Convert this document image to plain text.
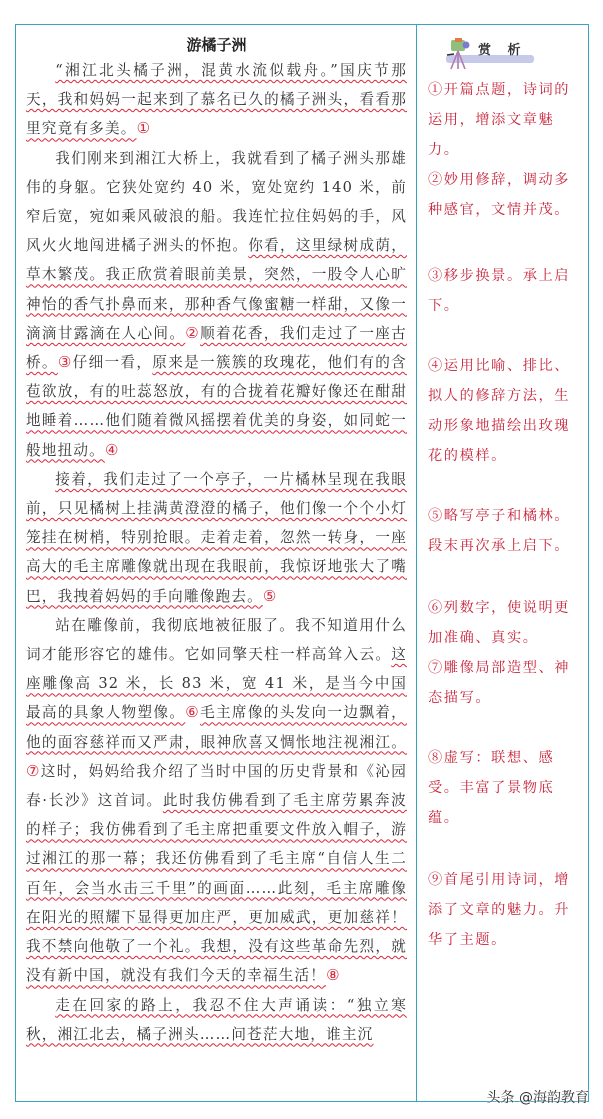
游橘子洲

“湘江北头橘子洲，混黄水流似载舟。”国庆节那天，我和妈妈一起来到了慕名已久的橘子洲头，看看那里究竟有多美。①

我们刚来到湘江大桥上，我就看到了橘子洲头那雄伟的身躯。它狭处宽约 40 米，宽处宽约 140 米，前窄后宽，宛如乘风破浪的船。我连忙拉住妈妈的手，风风火火地闯进橘子洲头的怀抱。你看，这里绿树成荫，草木繁茂。我正欣赏着眼前美景，突然，一股令人心旷神怡的香气扑鼻而来，那种香气像蜜糖一样甜，又像一滴滴甘露滴在人心间。②顺着花香，我们走过了一座古桥。③仔细一看，原来是一簇簇的玫瑰花，他们有的含苞欲放，有的吐蕊怒放，有的合拢着花瓣好像还在酣甜地睡着……他们随着微风摇摆着优美的身姿，如同蛇一般地扭动。④

接着，我们走过了一个亭子，一片橘林呈现在我眼前，只见橘树上挂满黄澄澄的橘子，他们像一个个小灯笼挂在树梢，特别抢眼。走着走着，忽然一转身，一座高大的毛主席雕像就出现在我眼前，我惊讶地张大了嘴巴，我拽着妈妈的手向雕像跑去。⑤

站在雕像前，我彻底地被征服了。我不知道用什么词才能形容它的雄伟。它如同擎天柱一样高耸入云。这座雕像高 32 米，长 83 米，宽 41 米，是当今中国最高的具象人物塑像。⑥毛主席像的头发向一边飘着，他的面容慈祥而又严肃，眼神欣喜又惆怅地注视湘江。⑦这时，妈妈给我介绍了当时中国的历史背景和《沁园春·长沙》这首词。此时我仿佛看到了毛主席劳累奔波的样子；我仿佛看到了毛主席把重要文件放入帽子，游过湘江的那一幕；我还仿佛看到了毛主席“自信人生二百年，会当水击三千里”的画面……此刻，毛主席雕像在阳光的照耀下显得更加庄严，更加威武，更加慈祥！我不禁向他敬了一个礼。我想，没有这些革命先烈，就没有新中国，就没有我们今天的幸福生活！⑧

走在回家的路上，我忍不住大声诵读：“独立寒秋，湘江北去，橘子洲头……问苍茫大地，谁主沉

赏 析

①开篇点题，诗词的运用，增添文章魅力。

②妙用修辞，调动多种感官，文情并茂。

③移步换景。承上启下。

④运用比喻、排比、拟人的修辞方法，生动形象地描绘出玫瑰花的模样。

⑤略写亭子和橘林。段末再次承上启下。

⑥列数字，使说明更加准确、真实。

⑦雕像局部造型、神态描写。

⑧虚写：联想、感受。丰富了景物底蕴。

⑨首尾引用诗词，增添了文章的魅力。升华了主题。

头条 @海韵教育
